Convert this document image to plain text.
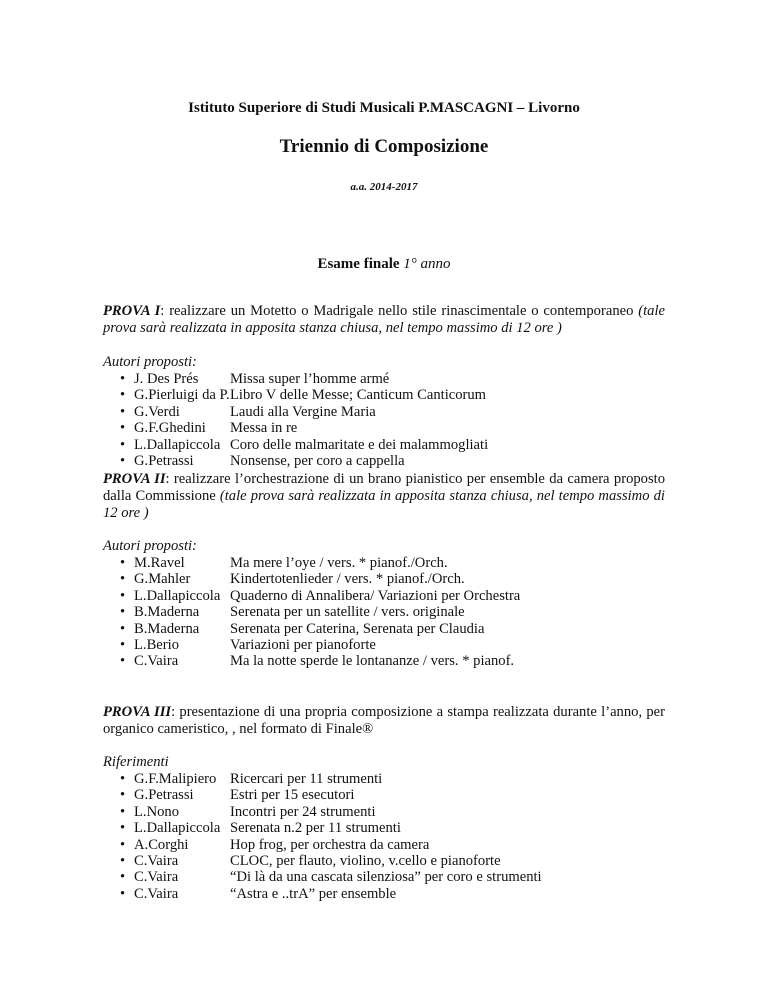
Istituto Superiore di Studi Musicali P.MASCAGNI – Livorno
Triennio di Composizione
a.a. 2014-2017
Esame finale 1° anno
PROVA I: realizzare un Motetto o Madrigale nello stile rinascimentale o contemporaneo (tale prova sarà realizzata in apposita stanza chiusa, nel tempo massimo di 12 ore )
Autori proposti:
• J. Des Prés Missa super l’homme armé
• G.Pierluigi da P. Libro V delle Messe; Canticum Canticorum
• G.Verdi	Laudi alla Vergine Maria
• G.F.Ghedini Messa in re
• L.Dallapiccola Coro delle malmaritate e dei malammogliati
• G.Petrassi Nonsense, per coro a cappella
PROVA II: realizzare l’orchestrazione di un brano pianistico per ensemble da camera proposto dalla Commissione (tale prova sarà realizzata in apposita stanza chiusa, nel tempo massimo di 12 ore )
Autori proposti:
• M.Ravel	Ma mere l’oye / vers. * pianof./Orch.
• G.Mahler	Kindertotenlieder / vers. * pianof./Orch.
• L.Dallapiccola Quaderno di Annalibera/ Variazioni per Orchestra
• B.Maderna Serenata per un satellite / vers. originale
• B.Maderna Serenata per Caterina, Serenata per Claudia
• L.Berio	Variazioni per pianoforte
• C.Vaira	Ma la notte sperde le lontananze / vers. * pianof.
PROVA III: presentazione di una propria composizione a stampa realizzata durante l’anno, per organico cameristico, , nel formato di Finale®
Riferimenti
• G.F.Malipiero Ricercari per 11 strumenti
• G.Petrassi Estri per 15 esecutori
• L.Nono	Incontri per 24 strumenti
• L.Dallapiccola Serenata n.2 per 11 strumenti
• A.Corghi	Hop frog, per orchestra da camera
• C.Vaira	CLOC, per flauto, violino, v.cello e pianoforte
• C.Vaira	“Di là da una cascata silenziosa” per coro e strumenti
• C.Vaira	“Astra e ..trA” per ensemble
